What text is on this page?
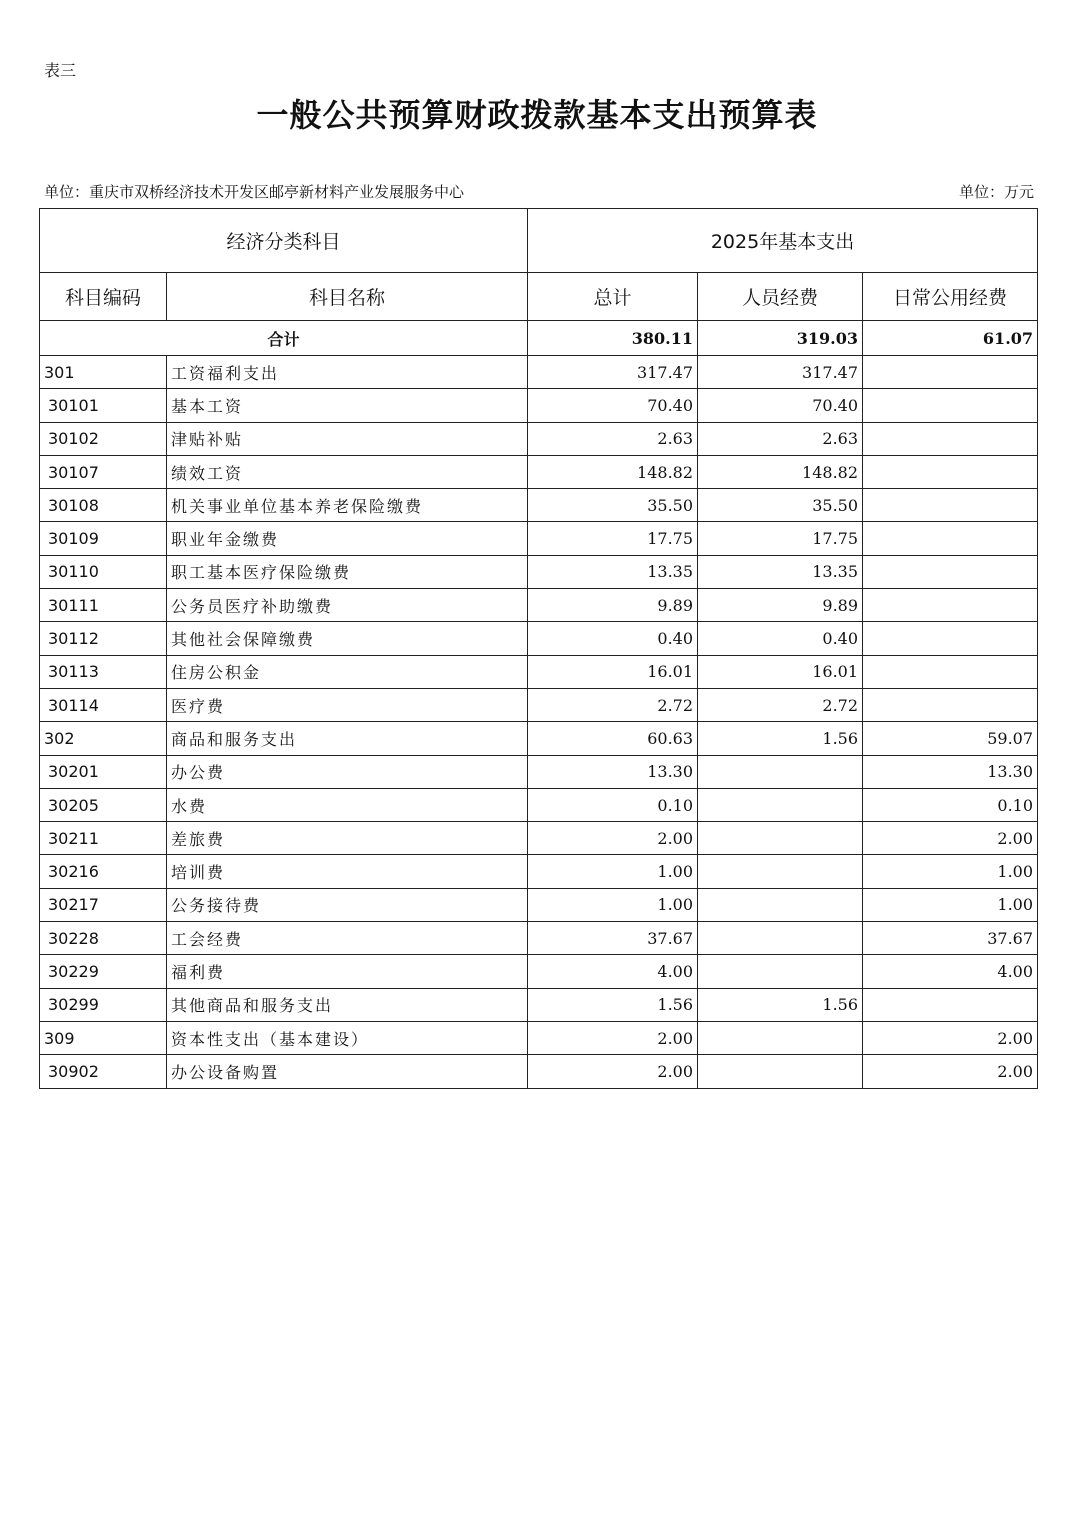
表三
一般公共预算财政拨款基本支出预算表
单位：重庆市双桥经济技术开发区邮亭新材料产业发展服务中心	单位：万元
经济分类科目		2025年基本支出		
科目编码	科目名称	总计	人员经费	日常公用经费
合计		380.11	319.03	61.07
301	工资福利支出	317.47	317.47	
30101	基本工资	70.40	70.40	
30102	津贴补贴	2.63	2.63	
30107	绩效工资	148.82	148.82	
30108	机关事业单位基本养老保险缴费	35.50	35.50	
30109	职业年金缴费	17.75	17.75	
30110	职工基本医疗保险缴费	13.35	13.35	
30111	公务员医疗补助缴费	9.89	9.89	
30112	其他社会保障缴费	0.40	0.40	
30113	住房公积金	16.01	16.01	
30114	医疗费	2.72	2.72	
302	商品和服务支出	60.63	1.56	59.07
30201	办公费	13.30		13.30
30205	水费	0.10		0.10
30211	差旅费	2.00		2.00
30216	培训费	1.00		1.00
30217	公务接待费	1.00		1.00
30228	工会经费	37.67		37.67
30229	福利费	4.00		4.00
30299	其他商品和服务支出	1.56	1.56	
309	资本性支出（基本建设）	2.00		2.00
30902	办公设备购置	2.00		2.00
